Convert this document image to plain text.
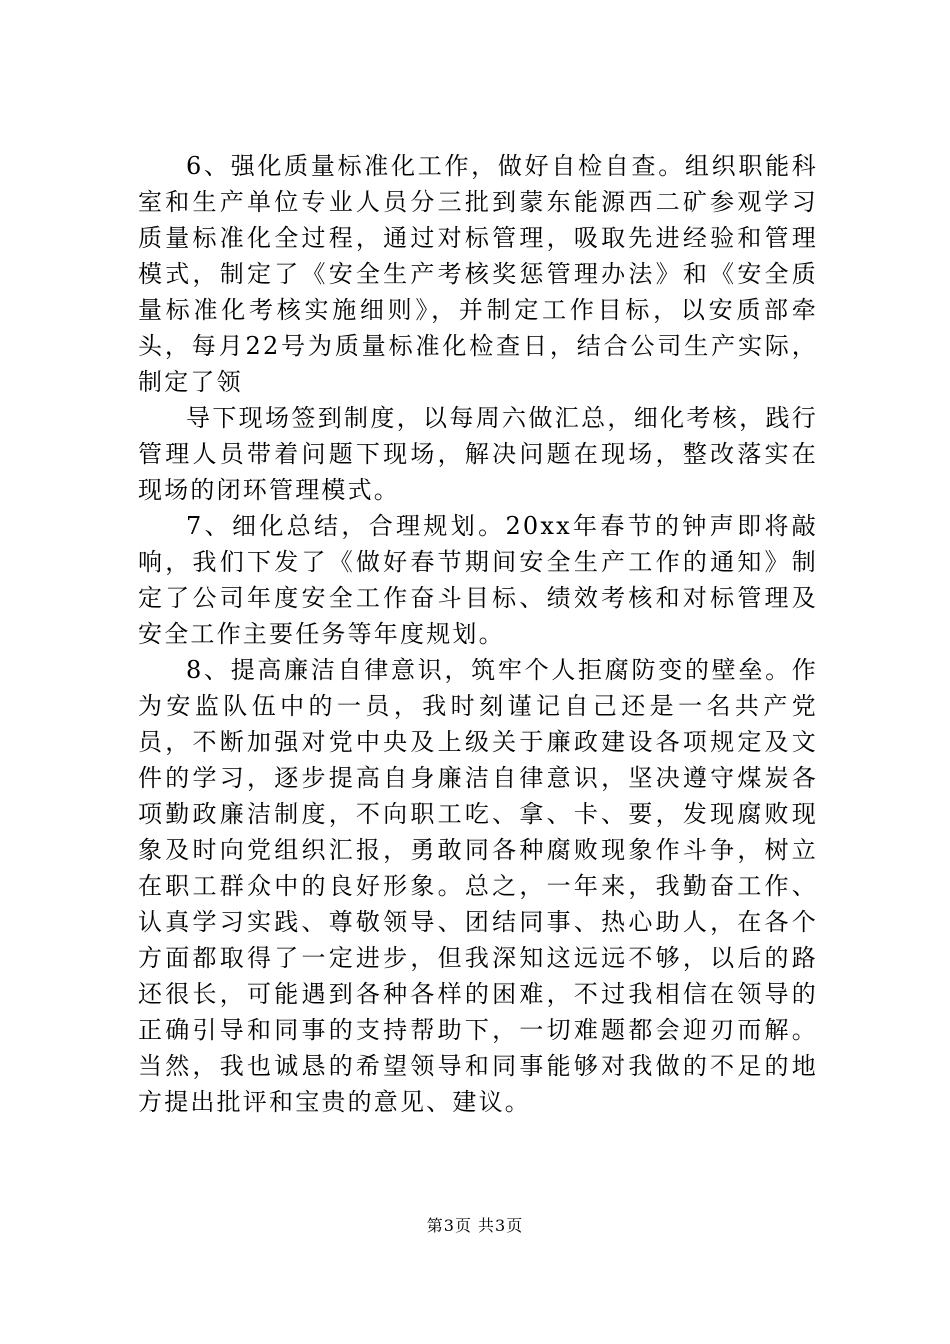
6、强化质量标准化工作，做好自检自查。组织职能科室和生产单位专业人员分三批到蒙东能源西二矿参观学习质量标准化全过程，通过对标管理，吸取先进经验和管理模式，制定了《安全生产考核奖惩管理办法》和《安全质量标准化考核实施细则》，并制定工作目标，以安质部牵头，每月22号为质量标准化检查日，结合公司生产实际，制定了领

导下现场签到制度，以每周六做汇总，细化考核，践行管理人员带着问题下现场，解决问题在现场，整改落实在现场的闭环管理模式。

7、细化总结，合理规划。20xx年春节的钟声即将敲响，我们下发了《做好春节期间安全生产工作的通知》制定了公司年度安全工作奋斗目标、绩效考核和对标管理及安全工作主要任务等年度规划。

8、提高廉洁自律意识，筑牢个人拒腐防变的壁垒。作为安监队伍中的一员，我时刻谨记自己还是一名共产党员，不断加强对党中央及上级关于廉政建设各项规定及文件的学习，逐步提高自身廉洁自律意识，坚决遵守煤炭各项勤政廉洁制度，不向职工吃、拿、卡、要，发现腐败现象及时向党组织汇报，勇敢同各种腐败现象作斗争，树立在职工群众中的良好形象。总之，一年来，我勤奋工作、认真学习实践、尊敬领导、团结同事、热心助人，在各个方面都取得了一定进步，但我深知这远远不够，以后的路还很长，可能遇到各种各样的困难，不过我相信在领导的正确引导和同事的支持帮助下，一切难题都会迎刃而解。当然，我也诚恳的希望领导和同事能够对我做的不足的地方提出批评和宝贵的意见、建议。

第3页 共3页
